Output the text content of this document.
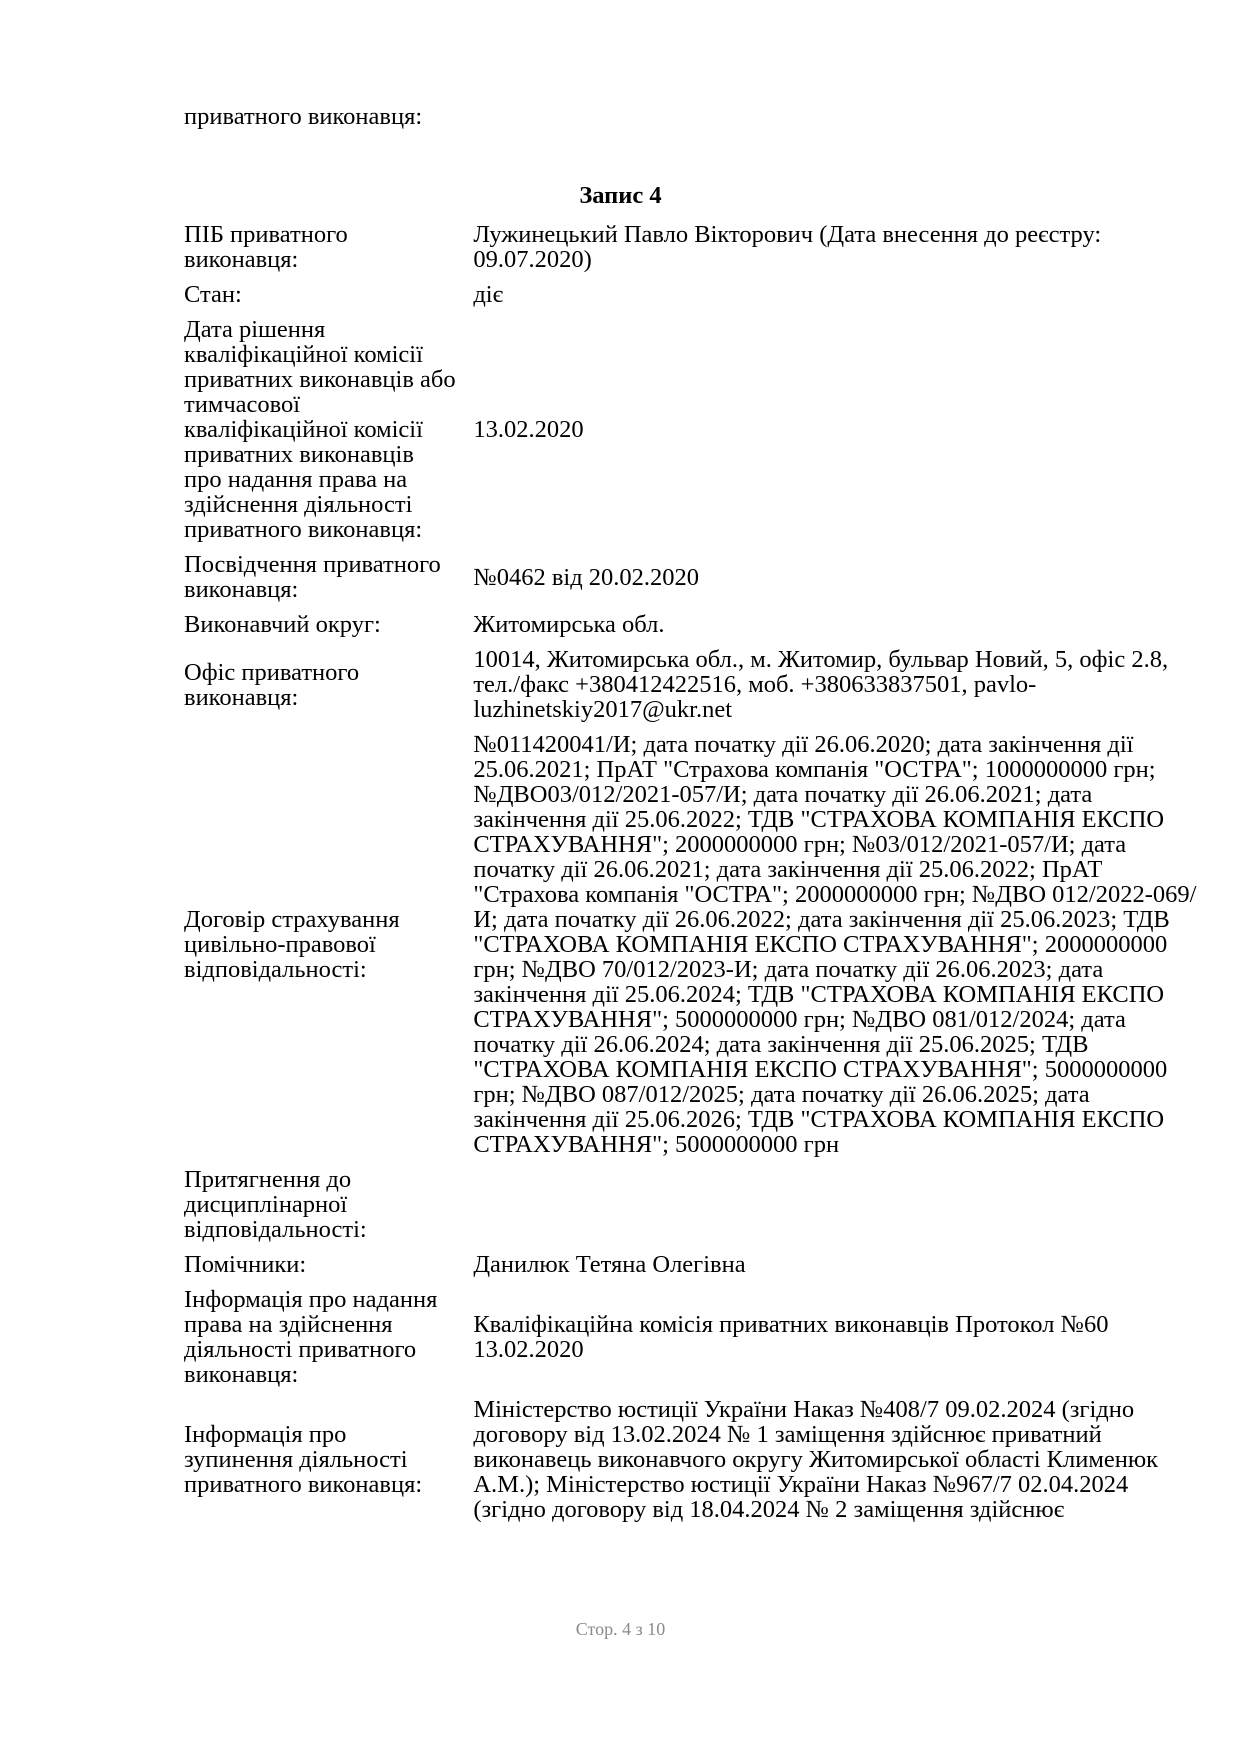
приватного виконавця:
Запис 4
ПІБ приватного виконавця:	Лужинецький Павло Вікторович (Дата внесення до реєстру: 09.07.2020)
Стан:	діє
Дата рішення кваліфікаційної комісії приватних виконавців або тимчасової кваліфікаційної комісії приватних виконавців про надання права на здійснення діяльності приватного виконавця:	13.02.2020
Посвідчення приватного виконавця:	№0462 від 20.02.2020
Виконавчий округ:	Житомирська обл.
Офіс приватного виконавця:	10014, Житомирська обл., м. Житомир, бульвар Новий, 5, офіс 2.8, тел./факс +380412422516, моб. +380633837501, pavlo-luzhinetskiy2017@ukr.net
Договір страхування цивільно-правової відповідальності:	№011420041/И; дата початку дії 26.06.2020; дата закінчення дії 25.06.2021; ПрАТ "Страхова компанія "ОСТРА"; 1000000000 грн; №ДВО03/012/2021-057/И; дата початку дії 26.06.2021; дата закінчення дії 25.06.2022; ТДВ "СТРАХОВА КОМПАНІЯ ЕКСПО СТРАХУВАННЯ"; 2000000000 грн; №03/012/2021-057/И; дата початку дії 26.06.2021; дата закінчення дії 25.06.2022; ПрАТ "Страхова компанія "ОСТРА"; 2000000000 грн; №ДВО 012/2022-069/И; дата початку дії 26.06.2022; дата закінчення дії 25.06.2023; ТДВ "СТРАХОВА КОМПАНІЯ ЕКСПО СТРАХУВАННЯ"; 2000000000 грн; №ДВО 70/012/2023-И; дата початку дії 26.06.2023; дата закінчення дії 25.06.2024; ТДВ "СТРАХОВА КОМПАНІЯ ЕКСПО СТРАХУВАННЯ"; 5000000000 грн; №ДВО 081/012/2024; дата початку дії 26.06.2024; дата закінчення дії 25.06.2025; ТДВ "СТРАХОВА КОМПАНІЯ ЕКСПО СТРАХУВАННЯ"; 5000000000 грн; №ДВО 087/012/2025; дата початку дії 26.06.2025; дата закінчення дії 25.06.2026; ТДВ "СТРАХОВА КОМПАНІЯ ЕКСПО СТРАХУВАННЯ"; 5000000000 грн
Притягнення до дисциплінарної відповідальності:	
Помічники:	Данилюк Тетяна Олегівна
Інформація про надання права на здійснення діяльності приватного виконавця:	Кваліфікаційна комісія приватних виконавців Протокол №60 13.02.2020
Інформація про зупинення діяльності приватного виконавця:	Міністерство юстиції України Наказ №408/7 09.02.2024 (згідно договору від 13.02.2024 № 1 заміщення здійснює приватний виконавець виконавчого округу Житомирської області Клименюк А.М.); Міністерство юстиції України Наказ №967/7 02.04.2024 (згідно договору від 18.04.2024 № 2 заміщення здійснює
Стор. 4 з 10
